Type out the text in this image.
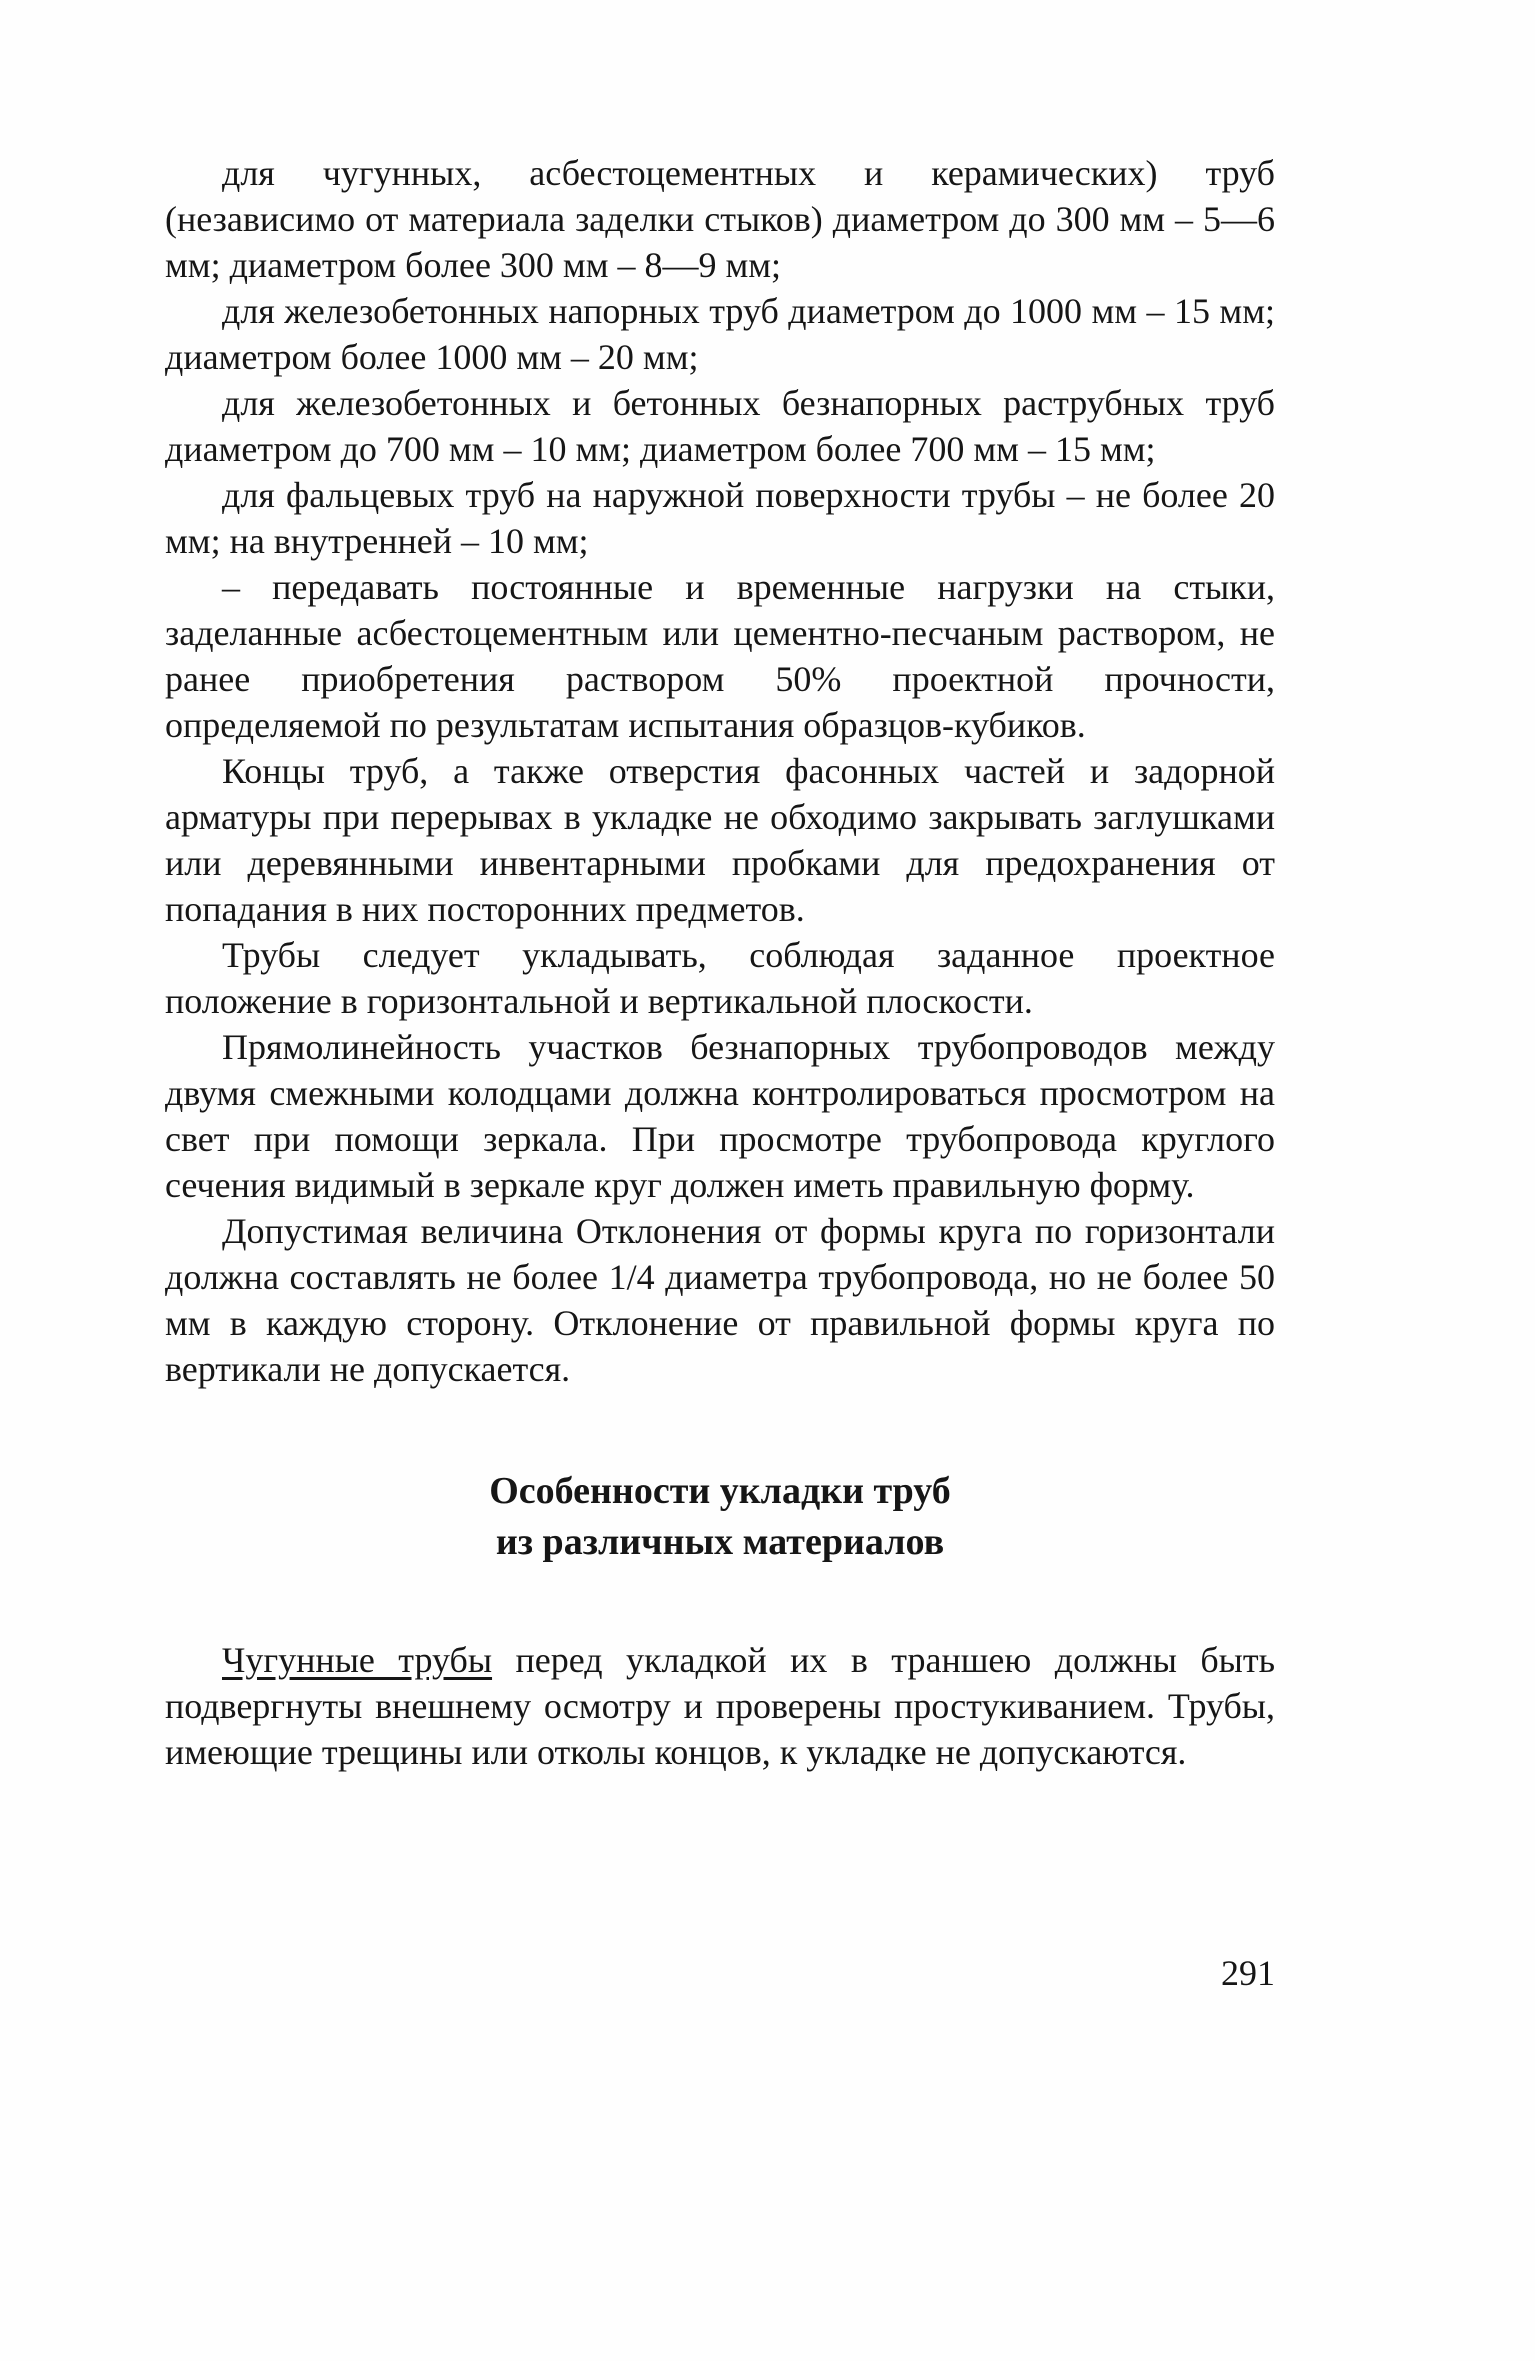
для чугунных, асбестоцементных и керамических) труб (независимо от материала заделки стыков) диаметром до 300 мм – 5—6 мм; диаметром более 300 мм – 8—9 мм;

для железобетонных напорных труб диаметром до 1000 мм – 15 мм; диаметром более 1000 мм – 20 мм;

для железобетонных и бетонных безнапорных раструбных труб диаметром до 700 мм – 10 мм; диаметром более 700 мм – 15 мм;

для фальцевых труб на наружной поверхности трубы – не более 20 мм; на внутренней – 10 мм;

– передавать постоянные и временные нагрузки на стыки, заделанные асбестоцементным или цементно-песчаным раствором, не ранее приобретения раствором 50% проектной прочности, определяемой по результатам испытания образцов-кубиков.

Концы труб, а также отверстия фасонных частей и задорной арматуры при перерывах в укладке не обходимо закрывать заглушками или деревянными инвентарными пробками для предохранения от попадания в них посторонних предметов.

Трубы следует укладывать, соблюдая заданное проектное положение в горизонтальной и вертикальной плоскости.

Прямолинейность участков безнапорных трубопроводов между двумя смежными колодцами должна контролироваться просмотром на свет при помощи зеркала. При просмотре трубопровода круглого сечения видимый в зеркале круг должен иметь правильную форму.

Допустимая величина Отклонения от формы круга по горизонтали должна составлять не более 1/4 диаметра трубопровода, но не более 50 мм в каждую сторону. Отклонение от правильной формы круга по вертикали не допускается.

Особенности укладки труб
из различных материалов

Чугунные трубы перед укладкой их в траншею должны быть подвергнуты внешнему осмотру и проверены простукиванием. Трубы, имеющие трещины или отколы концов, к укладке не допускаются.

291
